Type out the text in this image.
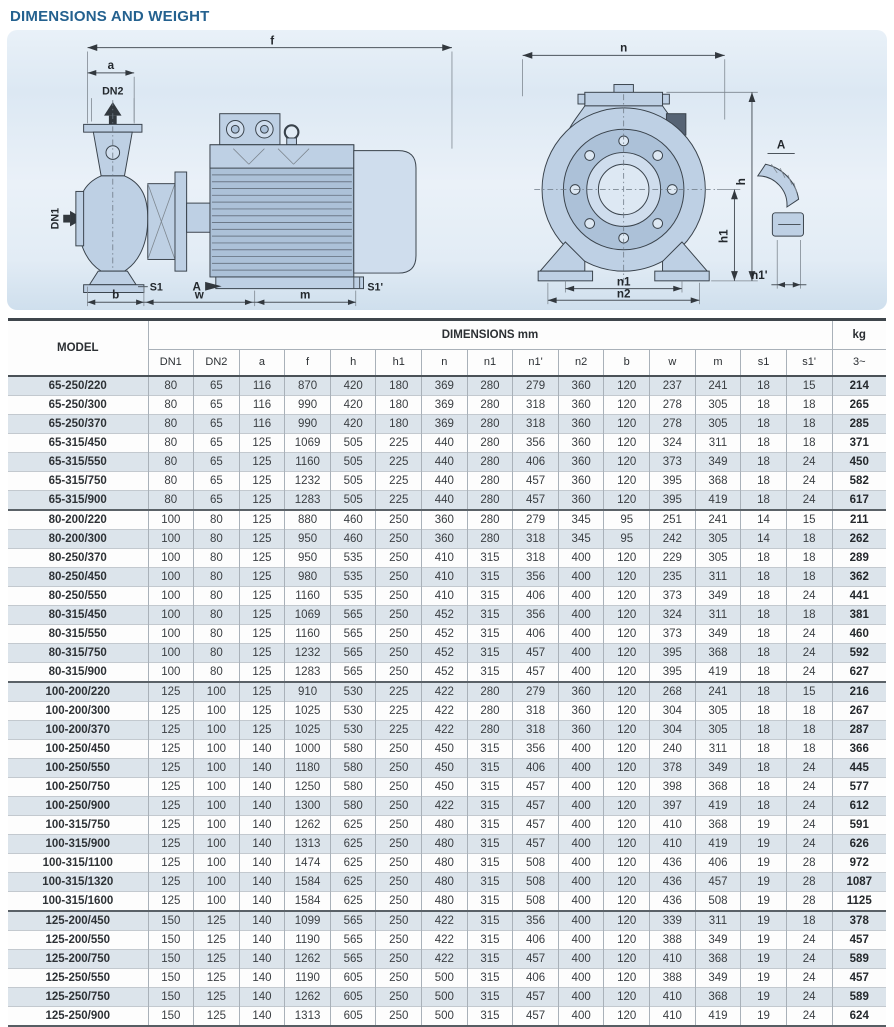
DIMENSIONS AND WEIGHT
f
a
DN2
DN1
S1 A	S1'
b	w	m
n
h
h1
n1
n2
A
n1'
MODEL	DIMENSIONS mm															kg
	DN1	DN2	a	f	h	h1	n	n1	n1'	n2	b	w	m	s1	s1'	3~
65-250/220	80	65	116	870	420	180	369	280	279	360	120	237	241	18	15	214
65-250/300	80	65	116	990	420	180	369	280	318	360	120	278	305	18	18	265
65-250/370	80	65	116	990	420	180	369	280	318	360	120	278	305	18	18	285
65-315/450	80	65	125	1069	505	225	440	280	356	360	120	324	311	18	18	371
65-315/550	80	65	125	1160	505	225	440	280	406	360	120	373	349	18	24	450
65-315/750	80	65	125	1232	505	225	440	280	457	360	120	395	368	18	24	582
65-315/900	80	65	125	1283	505	225	440	280	457	360	120	395	419	18	24	617
80-200/220	100	80	125	880	460	250	360	280	279	345	95	251	241	14	15	211
80-200/300	100	80	125	950	460	250	360	280	318	345	95	242	305	14	18	262
80-250/370	100	80	125	950	535	250	410	315	318	400	120	229	305	18	18	289
80-250/450	100	80	125	980	535	250	410	315	356	400	120	235	311	18	18	362
80-250/550	100	80	125	1160	535	250	410	315	406	400	120	373	349	18	24	441
80-315/450	100	80	125	1069	565	250	452	315	356	400	120	324	311	18	18	381
80-315/550	100	80	125	1160	565	250	452	315	406	400	120	373	349	18	24	460
80-315/750	100	80	125	1232	565	250	452	315	457	400	120	395	368	18	24	592
80-315/900	100	80	125	1283	565	250	452	315	457	400	120	395	419	18	24	627
100-200/220	125	100	125	910	530	225	422	280	279	360	120	268	241	18	15	216
100-200/300	125	100	125	1025	530	225	422	280	318	360	120	304	305	18	18	267
100-200/370	125	100	125	1025	530	225	422	280	318	360	120	304	305	18	18	287
100-250/450	125	100	140	1000	580	250	450	315	356	400	120	240	311	18	18	366
100-250/550	125	100	140	1180	580	250	450	315	406	400	120	378	349	18	24	445
100-250/750	125	100	140	1250	580	250	450	315	457	400	120	398	368	18	24	577
100-250/900	125	100	140	1300	580	250	422	315	457	400	120	397	419	18	24	612
100-315/750	125	100	140	1262	625	250	480	315	457	400	120	410	368	19	24	591
100-315/900	125	100	140	1313	625	250	480	315	457	400	120	410	419	19	24	626
100-315/1100	125	100	140	1474	625	250	480	315	508	400	120	436	406	19	28	972
100-315/1320	125	100	140	1584	625	250	480	315	508	400	120	436	457	19	28	1087
100-315/1600	125	100	140	1584	625	250	480	315	508	400	120	436	508	19	28	1125
125-200/450	150	125	140	1099	565	250	422	315	356	400	120	339	311	19	18	378
125-200/550	150	125	140	1190	565	250	422	315	406	400	120	388	349	19	24	457
125-200/750	150	125	140	1262	565	250	422	315	457	400	120	410	368	19	24	589
125-250/550	150	125	140	1190	605	250	500	315	406	400	120	388	349	19	24	457
125-250/750	150	125	140	1262	605	250	500	315	457	400	120	410	368	19	24	589
125-250/900	150	125	140	1313	605	250	500	315	457	400	120	410	419	19	24	624
